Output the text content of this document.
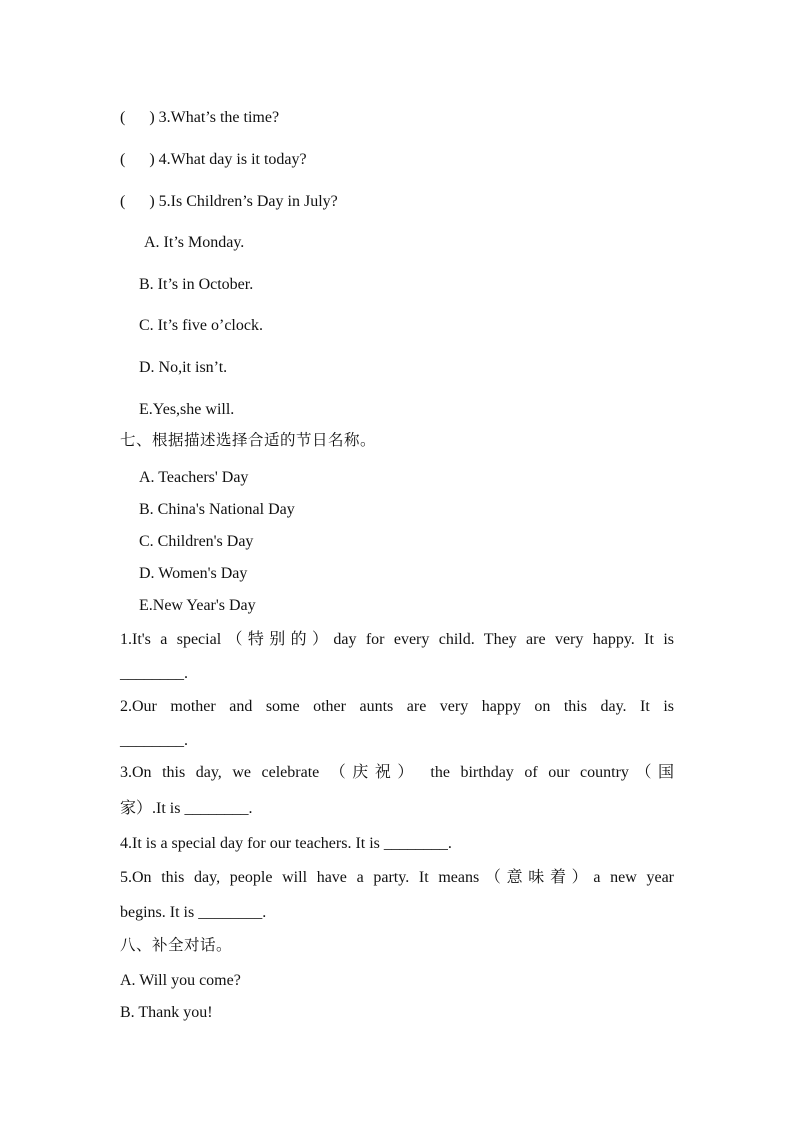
(      ) 3.What’s the time?
(      ) 4.What day is it today?
(      ) 5.Is Children’s Day in July?
A. It’s Monday.
B. It’s in October.
C. It’s five o’clock.
D. No,it isn’t.
E.Yes,she will.
七、根据描述选择合适的节日名称。
A. Teachers' Day
B. China's National Day
C. Children's Day
D. Women's Day
E.New Year's Day
1.It's a special（特别的）day for every child. They are very happy. It is
________.
2.Our mother and some other aunts are very happy on this day. It is
________.
3.On this day, we celebrate （庆祝） the birthday of our country（国
家）.It is ________.
4.It is a special day for our teachers. It is ________.
5.On this day, people will have a party. It means（意味着）a new year
begins. It is ________.
八、补全对话。
A. Will you come?
B. Thank you!
